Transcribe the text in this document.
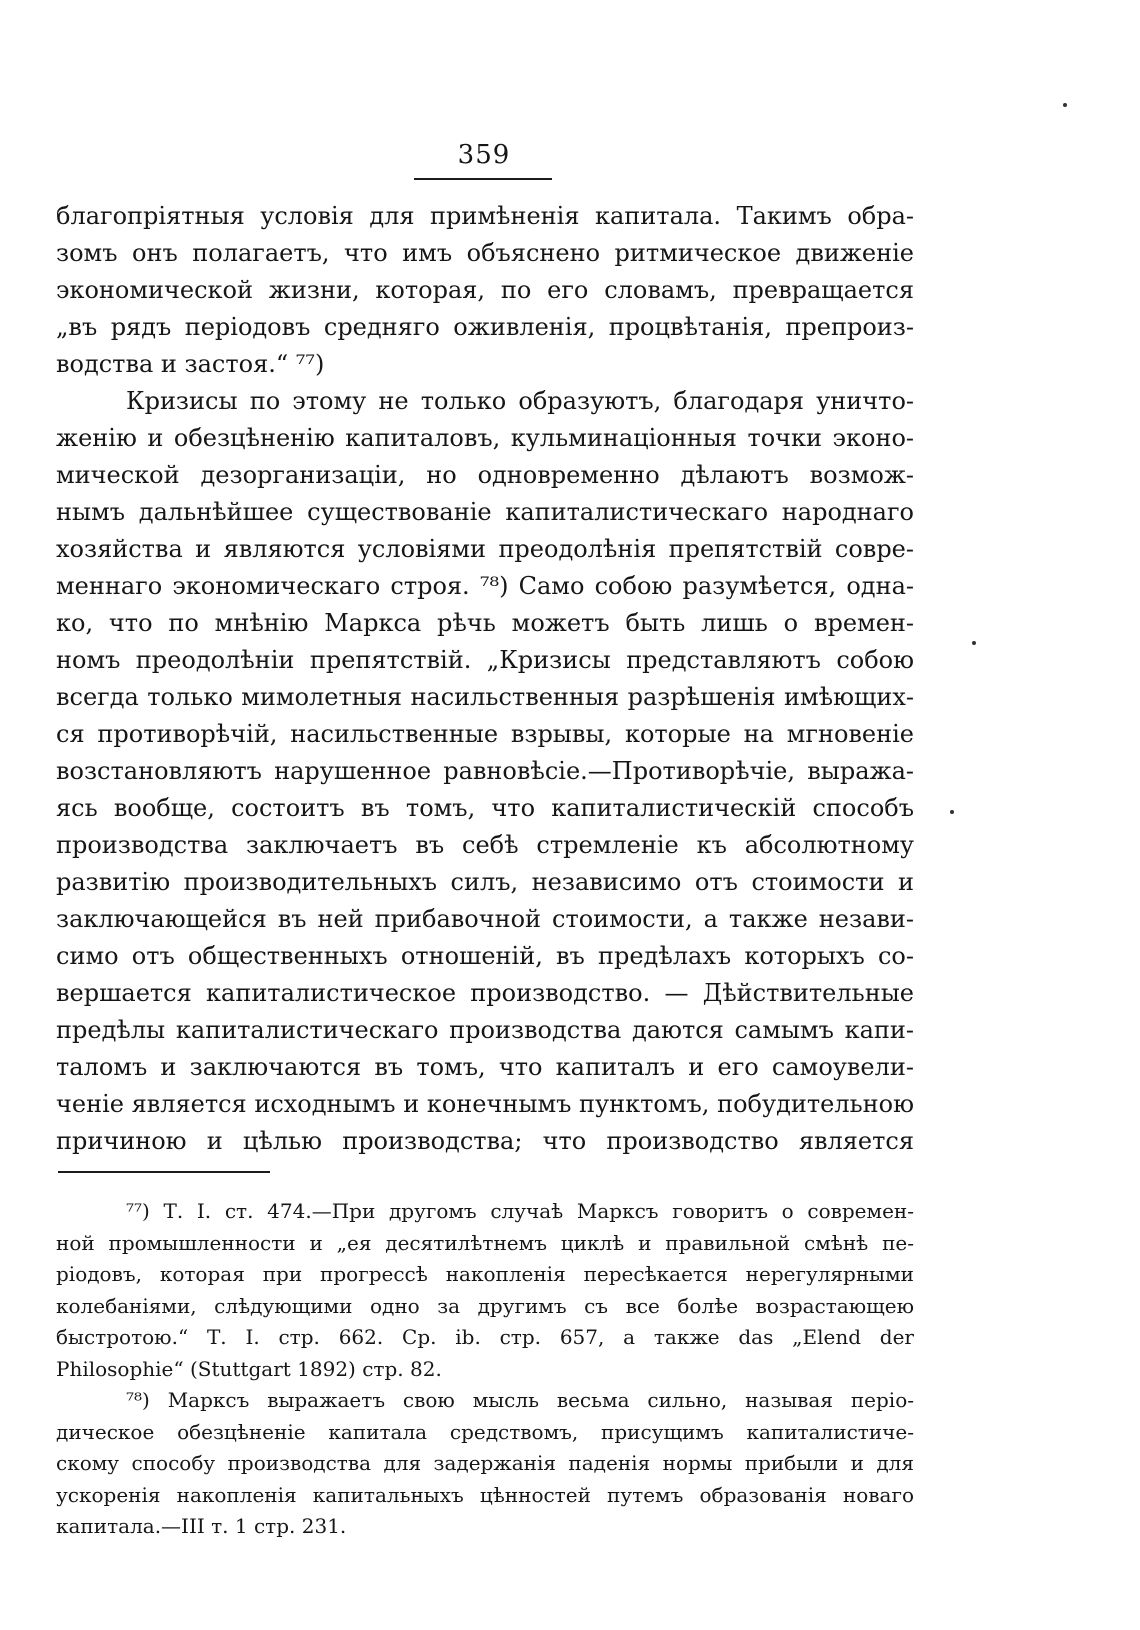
359
благопріятныя условія для примѣненія капитала. Такимъ обра-
зомъ онъ полагаетъ, что имъ объяснено ритмическое движеніе
экономической жизни, которая, по его словамъ, превращается
„въ рядъ періодовъ средняго оживленія, процвѣтанія, препроиз-
водства и застоя.“ ⁷⁷)
Кризисы по этому не только образуютъ, благодаря уничто-
женію и обезцѣненію капиталовъ, кульминаціонныя точки эконо-
мической дезорганизаціи, но одновременно дѣлаютъ возмож-
нымъ дальнѣйшее существованіе капиталистическаго народнаго
хозяйства и являются условіями преодолѣнія препятствій совре-
меннаго экономическаго строя. ⁷⁸) Само собою разумѣется, одна-
ко, что по мнѣнію Маркса рѣчь можетъ быть лишь о времен-
номъ преодолѣніи препятствій. „Кризисы представляютъ собою
всегда только мимолетныя насильственныя разрѣшенія имѣющих-
ся противорѣчій, насильственные взрывы, которые на мгновеніе
возстановляютъ нарушенное равновѣсіе.—Противорѣчіе, выража-
ясь вообще, состоитъ въ томъ, что капиталистическій способъ
производства заключаетъ въ себѣ стремленіе къ абсолютному
развитію производительныхъ силъ, независимо отъ стоимости и
заключающейся въ ней прибавочной стоимости, а также незави-
симо отъ общественныхъ отношеній, въ предѣлахъ которыхъ со-
вершается капиталистическое производство. — Дѣйствительные
предѣлы капиталистическаго производства даются самымъ капи-
таломъ и заключаются въ томъ, что капиталъ и его самоувели-
ченіе является исходнымъ и конечнымъ пунктомъ, побудительною
причиною и цѣлью производства; что производство является
⁷⁷) Т. I. ст. 474.—При другомъ случаѣ Марксъ говоритъ о современ-
ной промышленности и „ея десятилѣтнемъ циклѣ и правильной смѣнѣ пе-
ріодовъ, которая при прогрессѣ накопленія пересѣкается нерегулярными
колебаніями, слѣдующими одно за другимъ съ все болѣе возрастающею
быстротою.“ Т. I. стр. 662. Ср. ib. стр. 657, а также das „Elend der
Philosophie“ (Stuttgart 1892) стр. 82.
⁷⁸) Марксъ выражаетъ свою мысль весьма сильно, называя періо-
дическое обезцѣненіе капитала средствомъ, присущимъ капиталистиче-
скому способу производства для задержанія паденія нормы прибыли и для
ускоренія накопленія капитальныхъ цѣнностей путемъ образованія новаго
капитала.—III т. 1 стр. 231.
